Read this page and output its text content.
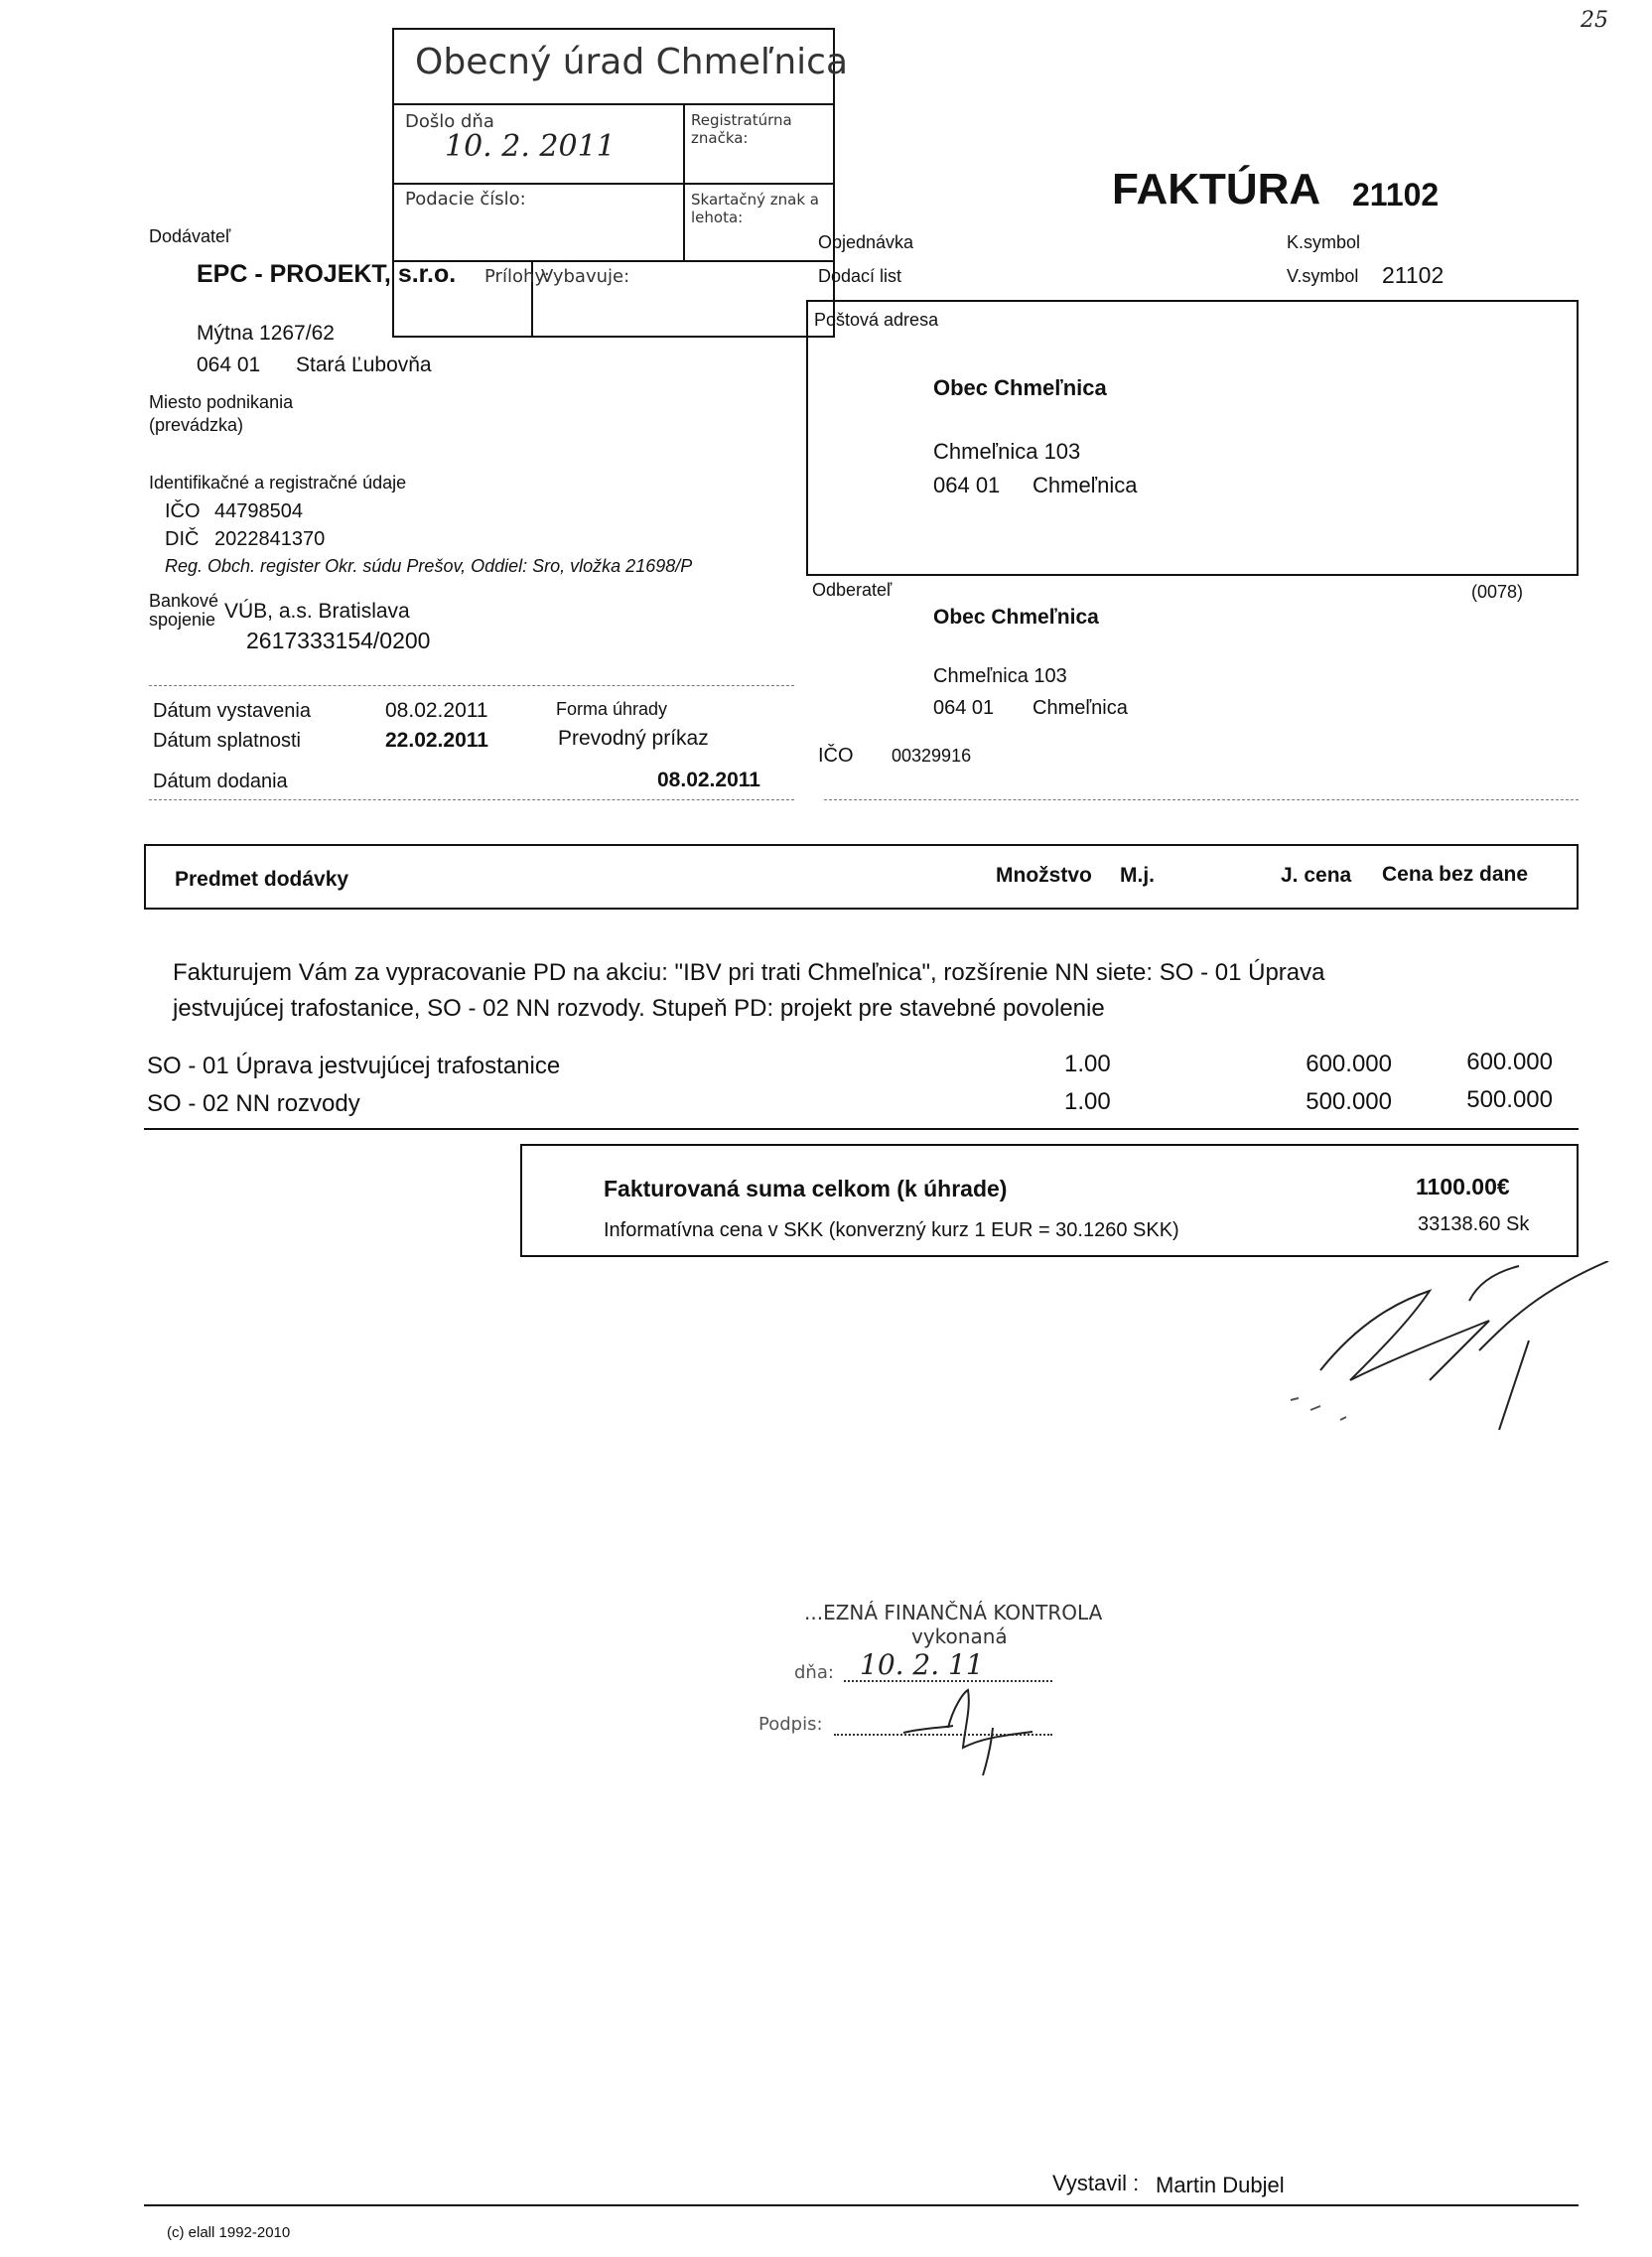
25
Obecný úrad Chmeľnica
Došlo dňa
10. 2. 2011
Registratúrna značka:
Podacie číslo:	Skartačný znak a lehota:
Prílohy:
Vybavuje:
FAKTÚRA 21102
Dodávateľ
EPC - PROJEKT, s.r.o.
Mýtna 1267/62
064 01 Stará Ľubovňa
Miesto podnikania
(prevádzka)
Identifikačné a registračné údaje
IČO 44798504
DIČ 2022841370
Reg. Obch. register Okr. súdu Prešov, Oddiel: Sro, vložka 21698/P
Bankové
spojenie VÚB, a.s. Bratislava
2617333154/0200
Dátum vystavenia	08.02.2011	Forma úhrady
Dátum splatnosti	22.02.2011	Prevodný príkaz
Dátum dodania	08.02.2011
Objednávka
Dodací list
K.symbol
V.symbol 21102
Poštová adresa
Obec Chmeľnica
Chmeľnica 103
064 01 Chmeľnica
Odberateľ	(0078)
Obec Chmeľnica
Chmeľnica 103
064 01 Chmeľnica
IČO 00329916
Predmet dodávky	Množstvo M.j.	J. cena Cena bez dane
Fakturujem Vám za vypracovanie PD na akciu: "IBV pri trati Chmeľnica", rozšírenie NN siete: SO - 01 Úprava
jestvujúcej trafostanice, SO - 02 NN rozvody. Stupeň PD: projekt pre stavebné povolenie
SO - 01 Úprava jestvujúcej trafostanice	1.00	600.000	600.000
SO - 02 NN rozvody	1.00	500.000	500.000
Fakturovaná suma celkom (k úhrade)	1100.00€
Informatívna cena v SKK (konverzný kurz 1 EUR = 30.1260 SKK)	33138.60 Sk
...EZNÁ FINANČNÁ KONTROLA
vykonaná
dňa: 10. 2. 11
Podpis:
Vystavil : Martin Dubjel
(c) elall 1992-2010
